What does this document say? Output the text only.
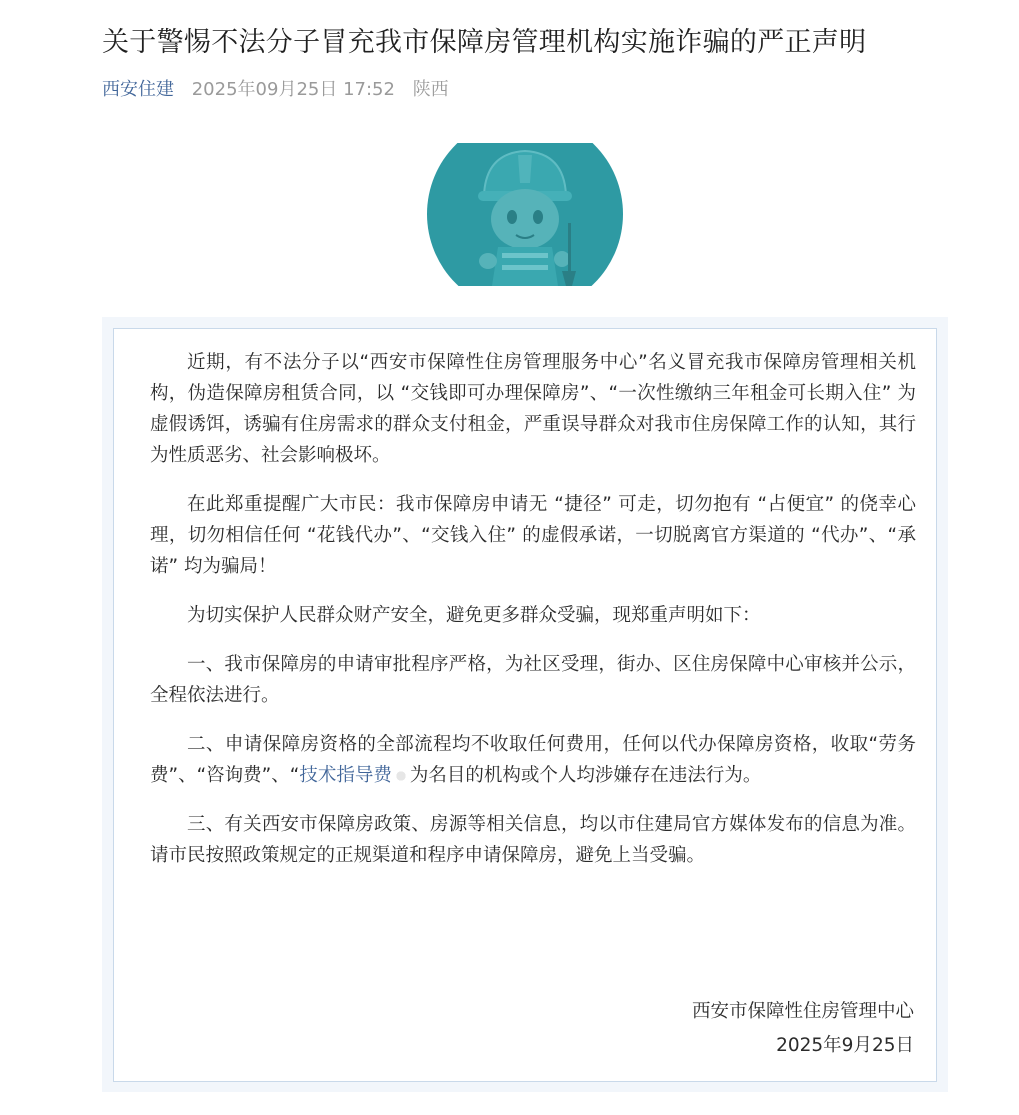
关于警惕不法分子冒充我市保障房管理机构实施诈骗的严正声明
西安住建 2025年09月25日 17:52 陕西

近期，有不法分子以“西安市保障性住房管理服务中心”名义冒充我市保障房管理相关机构，伪造保障房租赁合同，以 “交钱即可办理保障房”、“一次性缴纳三年租金可长期入住” 为虚假诱饵，诱骗有住房需求的群众支付租金，严重误导群众对我市住房保障工作的认知，其行为性质恶劣、社会影响极坏。

在此郑重提醒广大市民：我市保障房申请无 “捷径” 可走，切勿抱有 “占便宜” 的侥幸心理，切勿相信任何 “花钱代办”、“交钱入住” 的虚假承诺，一切脱离官方渠道的 “代办”、“承诺” 均为骗局！

为切实保护人民群众财产安全，避免更多群众受骗，现郑重声明如下：

一、我市保障房的申请审批程序严格，为社区受理，街办、区住房保障中心审核并公示，全程依法进行。

二、申请保障房资格的全部流程均不收取任何费用，任何以代办保障房资格，收取“劳务费”、“咨询费”、“技术指导费 为名目的机构或个人均涉嫌存在违法行为。

三、有关西安市保障房政策、房源等相关信息，均以市住建局官方媒体发布的信息为准。请市民按照政策规定的正规渠道和程序申请保障房，避免上当受骗。

西安市保障性住房管理中心
2025年9月25日
